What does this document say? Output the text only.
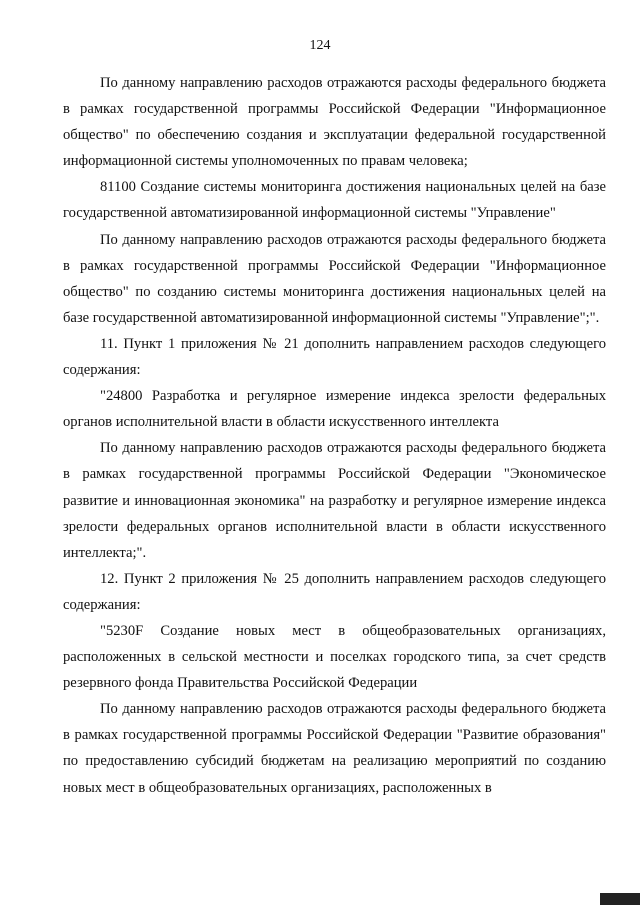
124

По данному направлению расходов отражаются расходы федерального бюджета в рамках государственной программы Российской Федерации "Информационное общество" по обеспечению создания и эксплуатации федеральной государственной информационной системы уполномоченных по правам человека;

81100 Создание системы мониторинга достижения национальных целей на базе государственной автоматизированной информационной системы "Управление"

По данному направлению расходов отражаются расходы федерального бюджета в рамках государственной программы Российской Федерации "Информационное общество" по созданию системы мониторинга достижения национальных целей на базе государственной автоматизированной информационной системы "Управление";".

11. Пункт 1 приложения № 21 дополнить направлением расходов следующего содержания:

"24800 Разработка и регулярное измерение индекса зрелости федеральных органов исполнительной власти в области искусственного интеллекта

По данному направлению расходов отражаются расходы федерального бюджета в рамках государственной программы Российской Федерации "Экономическое развитие и инновационная экономика" на разработку и регулярное измерение индекса зрелости федеральных органов исполнительной власти в области искусственного интеллекта;".

12. Пункт 2 приложения № 25 дополнить направлением расходов следующего содержания:

"5230F Создание новых мест в общеобразовательных организациях, расположенных в сельской местности и поселках городского типа, за счет средств резервного фонда Правительства Российской Федерации

По данному направлению расходов отражаются расходы федерального бюджета в рамках государственной программы Российской Федерации "Развитие образования" по предоставлению субсидий бюджетам на реализацию мероприятий по созданию новых мест в общеобразовательных организациях, расположенных в
